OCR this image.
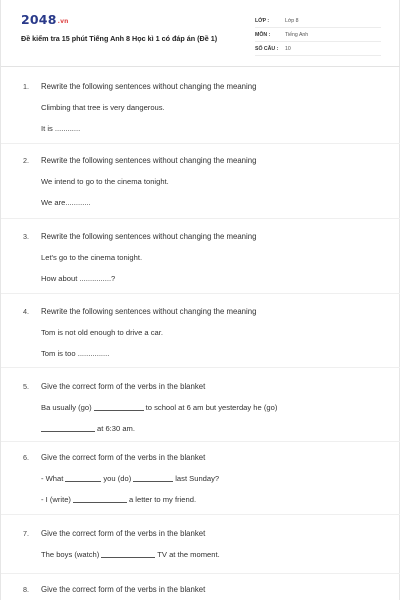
2048.vn
Đề kiểm tra 15 phút Tiếng Anh 8 Học kì 1 có đáp án (Đề 1)
LỚP :	Lớp 8
MÔN :	Tiếng Anh
SỐ CÂU : 10
1. Rewrite the following sentences without changing the meaning
Climbing that tree is very dangerous.
It is ............
2. Rewrite the following sentences without changing the meaning
We intend to go to the cinema tonight.
We are............
3. Rewrite the following sentences without changing the meaning
Let's go to the cinema tonight.
How about ...............?
4. Rewrite the following sentences without changing the meaning
Tom is not old enough to drive a car.
Tom is too ...............
5. Give the correct form of the verbs in the blanket
Ba usually (go)	to school at 6 am but yesterday he (go)
at 6:30 am.
6. Give the correct form of the verbs in the blanket
- What	you (do)	last Sunday?
- I (write)	a letter to my friend.
7. Give the correct form of the verbs in the blanket
The boys (watch)	TV at the moment.
8. Give the correct form of the verbs in the blanket
